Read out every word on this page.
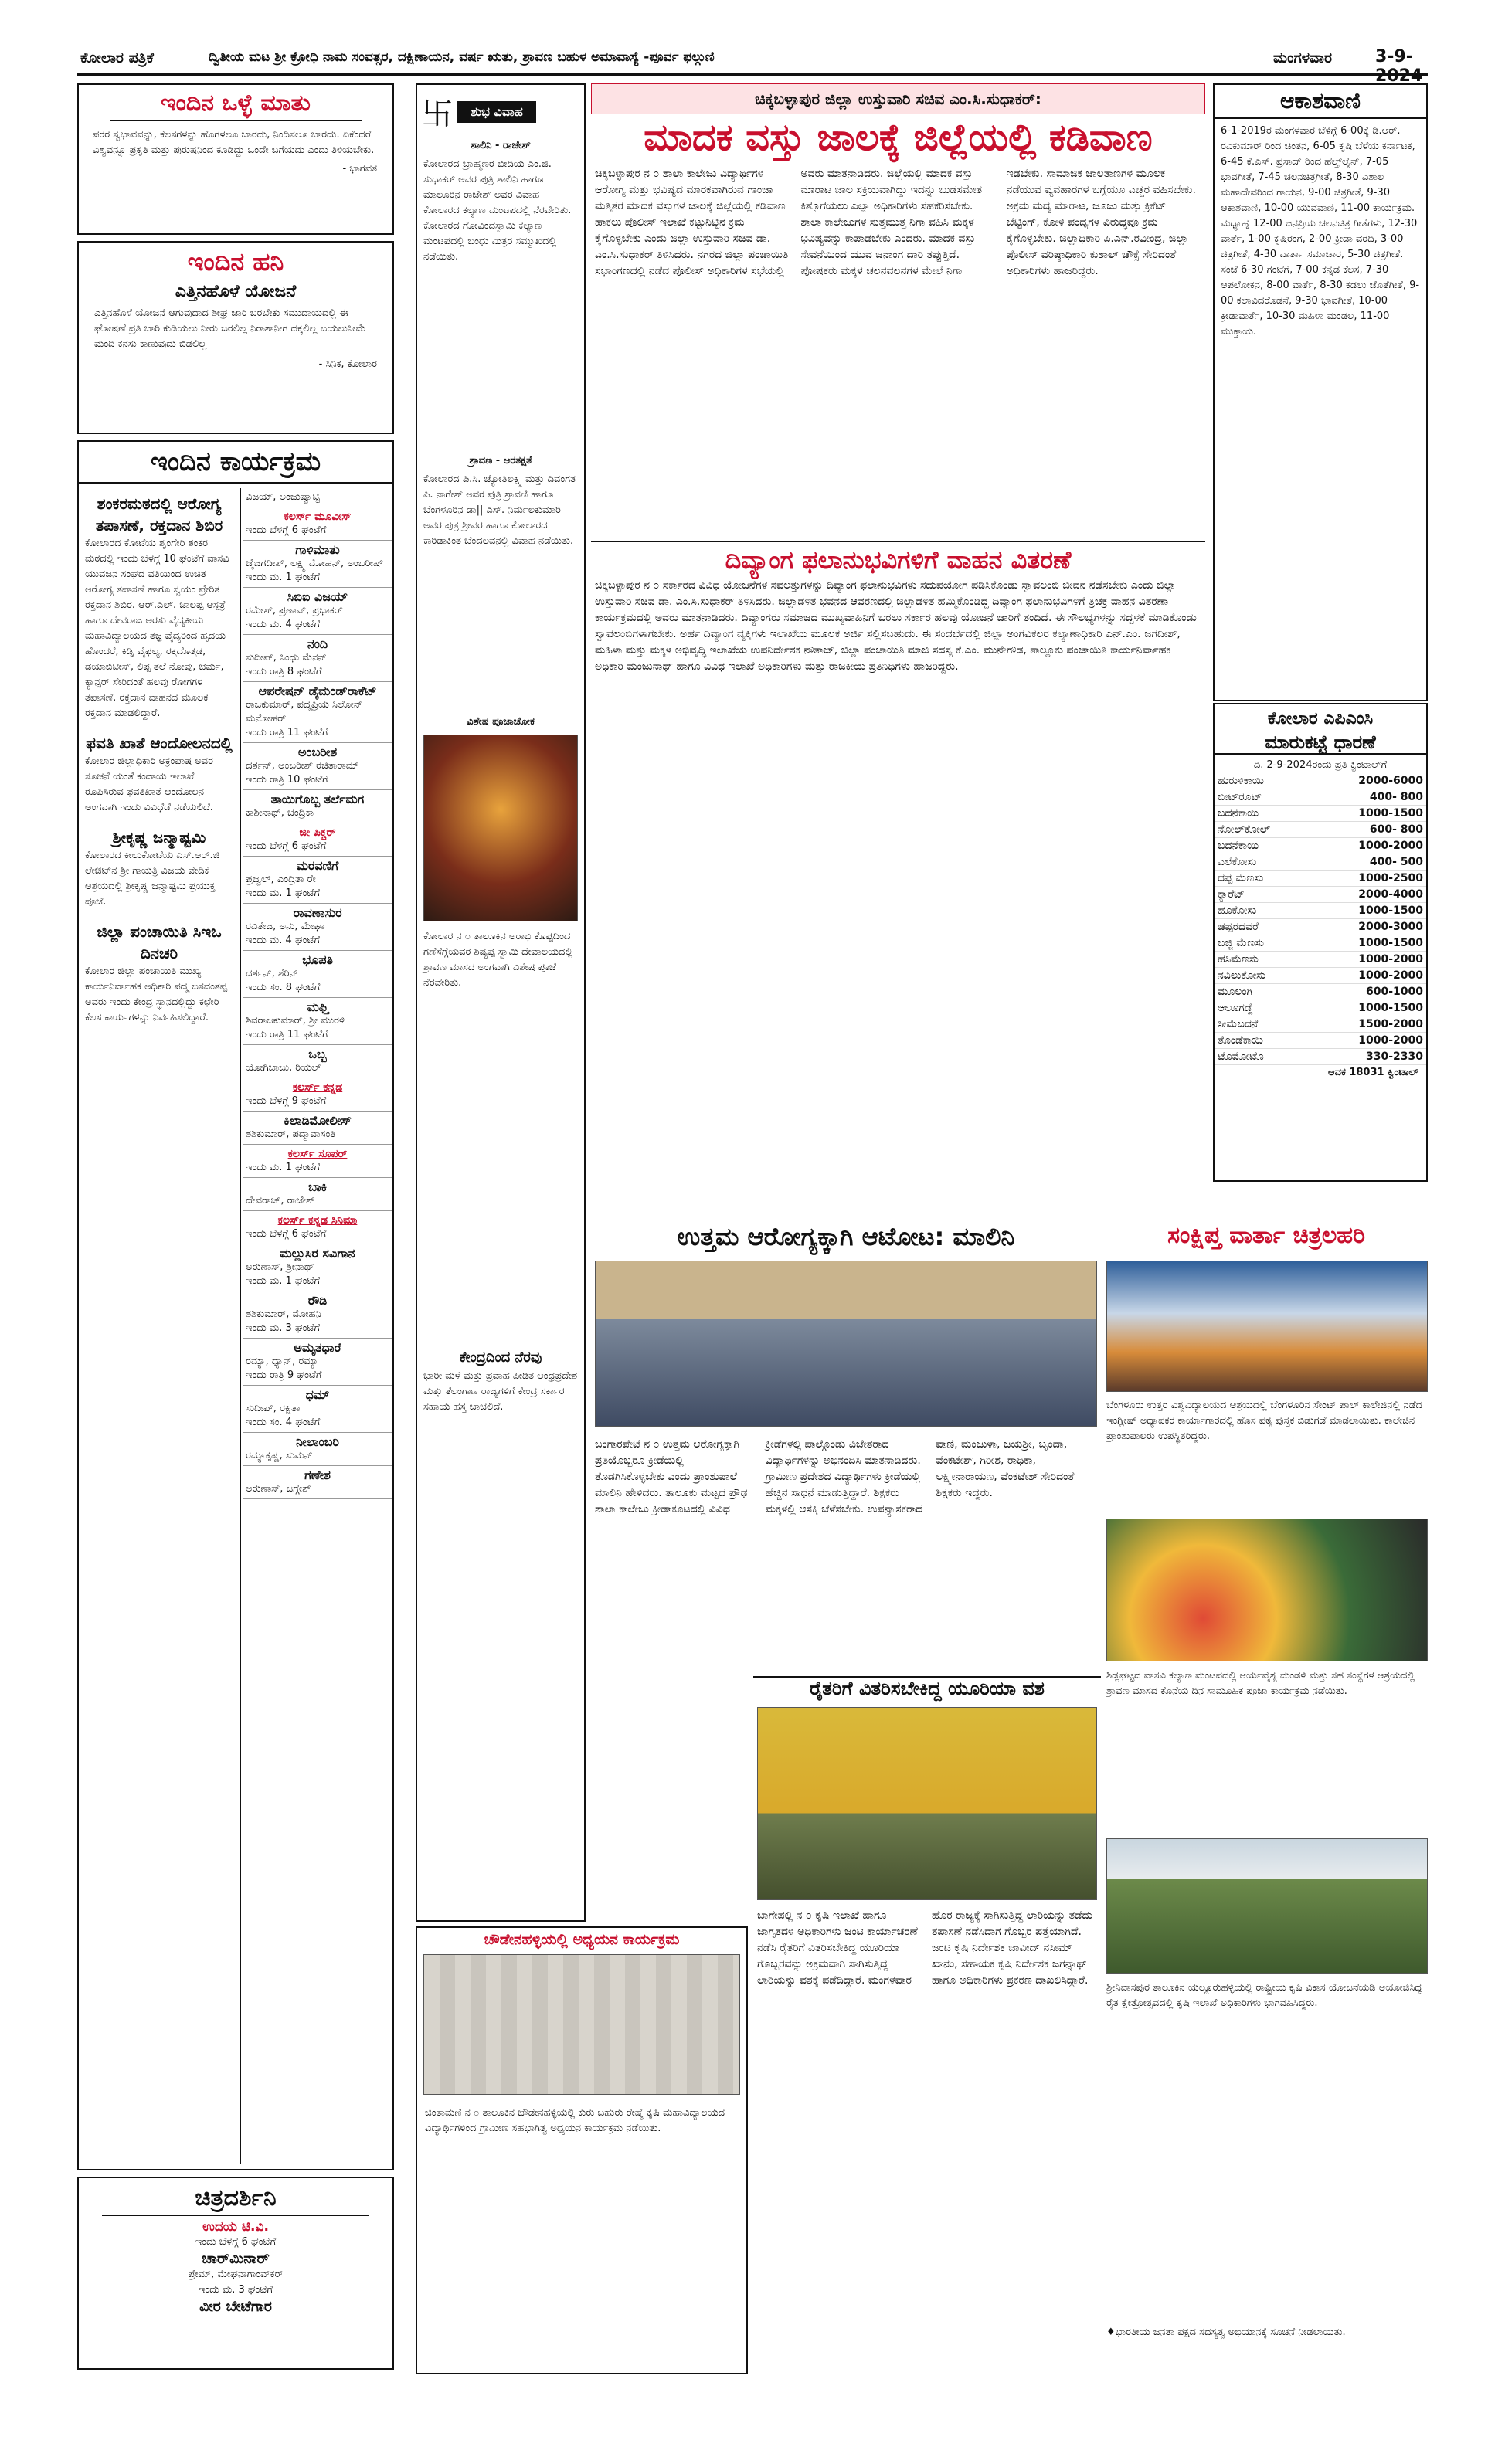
ಕೋಲಾರ ಪತ್ರಿಕೆ	ದ್ವಿತೀಯ ಮಟ ಶ್ರೀ ಕ್ರೋಧಿ ನಾಮ ಸಂವತ್ಸರ, ದಕ್ಷಿಣಾಯನ, ವರ್ಷ ಋತು, ಶ್ರಾವಣ ಬಹುಳ ಅಮಾವಾಸ್ಯೆ -ಪೂರ್ವ ಫಲ್ಗುಣಿ	ಮಂಗಳವಾರ	3-9-2024
ಇಂದಿನ ಒಳ್ಳೆ ಮಾತು
ಪರರ ಸ್ವಭಾವವನ್ನು, ಕೆಲಸಗಳನ್ನು ಹೊಗಳಲೂ ಬಾರದು, ನಿಂದಿಸಲೂ ಬಾರದು. ಏಕೆಂದರೆ ವಿಶ್ವವನ್ನೂ ಪ್ರಕೃತಿ ಮತ್ತು ಪುರುಷನಿಂದ ಕೂಡಿದ್ದು ಒಂದೇ ಬಗೆಯದು ಎಂದು ತಿಳಿಯಬೇಕು.
- ಭಾಗವತ
ಇಂದಿನ ಹನಿ
ಎತ್ತಿನಹೊಳೆ ಯೋಜನೆ
ಎತ್ತಿನಹೊಳೆ ಯೋಜನೆ ಆಗುವುದಾದ ಶೀಘ್ರ ಜಾರಿ ಬರಬೇಕು ಸಮುದಾಯದಲ್ಲಿ ಈ ಘೋಷಣೆ ಪ್ರತಿ ಬಾರಿ ಕುಡಿಯಲು ನೀರು ಬರಲಿಲ್ಲ ನಿರಾಶಾನೀಗ ದಕ್ಕಲಿಲ್ಲ ಬಯಲುಸೀಮೆ ಮಂದಿ ಕನಸು ಕಾಣುವುದು ಬಿಡಲಿಲ್ಲ
- ಸಿನಿಕ, ಕೋಲಾರ
ಇಂದಿನ ಕಾರ್ಯಕ್ರಮ
ಶಂಕರಮಠದಲ್ಲಿ ಆರೋಗ್ಯ ತಪಾಸಣೆ, ರಕ್ತದಾನ ಶಿಬಿರ
ಕೋಲಾರದ ಕೋಟೆಯ ಶೃಂಗೇರಿ ಶಂಕರ ಮಠದಲ್ಲಿ ಇಂದು ಬೆಳಗ್ಗೆ 10 ಘಂಟೆಗೆ ವಾಸವಿ ಯುವಜನ ಸಂಘದ ವತಿಯಿಂದ ಉಚಿತ ಆರೋಗ್ಯ ತಪಾಸಣೆ ಹಾಗೂ ಸ್ವಯಂ ಪ್ರೇರಿತ ರಕ್ತದಾನ ಶಿಬಿರ. ಆರ್.ಎಲ್. ಜಾಲಪ್ಪ ಆಸ್ಪತ್ರೆ ಹಾಗೂ ದೇವರಾಜ ಅರಸು ವೈದ್ಯಕೀಯ ಮಹಾವಿದ್ಯಾಲಯದ ತಜ್ಞ ವೈದ್ಯರಿಂದ ಹೃದಯ ಹೊಂದರೆ, ಕಿಡ್ನಿ ವೈಫಲ್ಯ, ರಕ್ತದೊತ್ತಡ, ಡಯಾಬಿಟೀಸ್, ಲಿಪ್ಪ ತಲೆ ನೋವು, ಚರ್ಮ, ಕ್ಯಾನ್ಸರ್ ಸೇರಿದಂತೆ ಹಲವು ರೋಗಗಳ ತಪಾಸಣೆ. ರಕ್ತದಾನ ವಾಹನದ ಮೂಲಕ ರಕ್ತದಾನ ಮಾಡಲಿದ್ದಾರೆ.
ಫವತಿ ಖಾತೆ ಆಂದೋಲನದಲ್ಲಿ
ಕೋಲಾರ ಜಿಲ್ಲಾಧಿಕಾರಿ ಅಕ್ರಂಪಾಷ ಅವರ ಸೂಚನೆ ಯಂತೆ ಕಂದಾಯ ಇಲಾಖೆ ರೂಪಿಸಿರುವ ಫವತಿಖಾತೆ ಆಂದೋಲನ ಅಂಗವಾಗಿ ಇಂದು ವಿವಿಧೆಡೆ ನಡೆಯಲಿದೆ.
ಶ್ರೀಕೃಷ್ಣ ಜನ್ಮಾಷ್ಟಮಿ
ಕೋಲಾರದ ಕೀಲುಕೋಟೆಯ ಎಸ್.ಆರ್.ಜಿ ಲೇಔಟ್‌ನ ಶ್ರೀ ಗಾಯತ್ರಿ ವಿಜಯ ವೇದಿಕೆ ಆಶ್ರಯದಲ್ಲಿ ಶ್ರೀಕೃಷ್ಣ ಜನ್ಮಾಷ್ಟಮಿ ಪ್ರಯುಕ್ತ ಪೂಜೆ.
ಜಿಲ್ಲಾ ಪಂಚಾಯಿತಿ ಸಿಇಒ ದಿನಚರಿ
ಕೋಲಾರ ಜಿಲ್ಲಾ ಪಂಚಾಯಿತಿ ಮುಖ್ಯ ಕಾರ್ಯನಿರ್ವಾಹಕ ಅಧಿಕಾರಿ ಪದ್ಮ ಬಸವಂತಪ್ಪ ಅವರು ಇಂದು ಕೇಂದ್ರ ಸ್ಥಾನದಲ್ಲಿದ್ದು ಕಛೇರಿ ಕೆಲಸ ಕಾರ್ಯಗಳನ್ನು ನಿರ್ವಹಿಸಲಿದ್ದಾರೆ.
ವಿಜಯ್, ಅಂಜುಷ್ವಾಟ್ಟಿ
ಕಲರ್ಸ್ ಮೂವೀಸ್
ಇಂದು ಬೆಳಗ್ಗೆ 6 ಘಂಟೆಗೆ
ಗಾಳಿಮಾತು
ಜೈಜಗದೀಶ್, ಲಕ್ಷ್ಮಿ ಮೋಹನ್, ಅಂಬರೀಷ್
ಇಂದು ಮ. 1 ಘಂಟೆಗೆ
ಸಿಬಿಐ ವಿಜಯ್
ರಮೇಶ್, ಪ್ರಣಾವ್, ಪ್ರಭಾಕರ್
ಇಂದು ಮ. 4 ಘಂಟೆಗೆ
ನಂದಿ
ಸುದೀಪ್, ಸಿಂಧು ಮೆನನ್
ಇಂದು ರಾತ್ರಿ 8 ಘಂಟೆಗೆ
ಆಪರೇಷನ್ ಡೈಮಂಡ್‌ರಾಕೆಟ್
ರಾಜಕುಮಾರ್, ಪದ್ಮಪ್ರಿಯ ಸಿಲೋನ್ ಮನೋಹರ್
ಇಂದು ರಾತ್ರಿ 11 ಘಂಟೆಗೆ
ಅಂಬರೀಶ
ದರ್ಶನ್, ಅಂಬರೀಶ್ ರಚಿತಾರಾಮ್
ಇಂದು ರಾತ್ರಿ 10 ಘಂಟೆಗೆ
ತಾಯಿಗೊಬ್ಬ ತರ್ಲೆಮಗ
ಕಾಶೀನಾಥ್, ಚಂದ್ರಿಕಾ
ಜೀ ಪಿಕ್ಚರ್
ಇಂದು ಬೆಳಗ್ಗೆ 6 ಘಂಟೆಗೆ
ಮರವಣಿಗೆ
ಪ್ರಜ್ವಲ್, ಎಂದ್ರಿತಾ ರೇ
ಇಂದು ಮ. 1 ಘಂಟೆಗೆ
ರಾವಣಾಸುರ
ರವಿತೇಜ, ಅನು, ಮೇಘಾ
ಇಂದು ಮ. 4 ಘಂಟೆಗೆ
ಭೂಪತಿ
ದರ್ಶನ್, ಶೆರಿನ್
ಇಂದು ಸಂ. 8 ಘಂಟೆಗೆ
ಮಫ್ತಿ
ಶಿವರಾಜಕುಮಾರ್, ಶ್ರೀ ಮುರಳಿ
ಇಂದು ರಾತ್ರಿ 11 ಘಂಟೆಗೆ
ಒಬ್ಬ
ಯೋಗಿಬಾಬು, ರಿಯಲ್
ಕಲರ್ಸ್ ಕನ್ನಡ
ಇಂದು ಬೆಳಗ್ಗೆ 9 ಘಂಟೆಗೆ
ಕಿಲಾಡಿಮೋಲೀಸ್
ಶಶಿಕುಮಾರ್, ಪದ್ಮಾವಾಸಂತಿ
ಕಲರ್ಸ್ ಸೂಪರ್
ಇಂದು ಮ. 1 ಘಂಟೆಗೆ
ಬಾಕಿ
ದೇವರಾಜ್, ರಾಜೇಶ್
ಕಲರ್ಸ್ ಕನ್ನಡ ಸಿನಿಮಾ
ಇಂದು ಬೆಳಗ್ಗೆ 6 ಘಂಟೆಗೆ
ಮಲ್ಲುಸಿರ ಸವಿಗಾನ
ಅರುಣಾಸ್, ಶ್ರೀನಾಥ್
ಇಂದು ಮ. 1 ಘಂಟೆಗೆ
ರೌಡಿ
ಶಶಿಕುಮಾರ್, ಮೋಹನಿ
ಇಂದು ಮ. 3 ಘಂಟೆಗೆ
ಅಮೃತಧಾರೆ
ರಮ್ಯಾ, ಧ್ಯಾನ್, ರಮ್ಯಾ
ಇಂದು ರಾತ್ರಿ 9 ಘಂಟೆಗೆ
ಧಮ್
ಸುದೀಪ್, ರಕ್ಷಿತಾ
ಇಂದು ಸಂ. 4 ಘಂಟೆಗೆ
ನೀಲಾಂಬರಿ
ರಮ್ಯಾಕೃಷ್ಣ, ಸುಮನ್
ಗಣೇಶ
ಅರುಣಾಸ್, ಜಗ್ಗೇಶ್
ಚಿತ್ರದರ್ಶಿನಿ
ಉದಯ ಟಿ.ವಿ.
ಇಂದು ಬೆಳಗ್ಗೆ 6 ಘಂಟೆಗೆ
ಚಾರ್‌ಮಿನಾರ್
ಪ್ರೇಮ್, ಮೇಘನಾಗಾಂವ್‌ಕರ್
ಇಂದು ಮ. 3 ಘಂಟೆಗೆ
ವೀರ ಬೇಟೆಗಾರ
卐	ಶುಭ ವಿವಾಹ
ಶಾಲಿನಿ - ರಾಜೇಶ್
ಕೋಲಾರದ ಬ್ರಾಹ್ಮಣರ ಬೀದಿಯ ಎಂ.ಜಿ. ಸುಧಾಕರ್ ಅವರ ಪುತ್ರಿ ಶಾಲಿನಿ ಹಾಗೂ ಮಾಲೂರಿನ ರಾಜೇಶ್ ಅವರ ವಿವಾಹ ಕೋಲಾರದ ಕಲ್ಯಾಣ ಮಂಟಪದಲ್ಲಿ ನೆರವೇರಿತು. ಕೋಲಾರದ ಗೋವಿಂದಸ್ವಾಮಿ ಕಲ್ಯಾಣ ಮಂಟಪದಲ್ಲಿ ಬಂಧು ಮಿತ್ರರ ಸಮ್ಮುಖದಲ್ಲಿ ನಡೆಯಿತು.
ಶ್ರಾವಣ - ಆರತಕ್ಷತೆ
ಕೋಲಾರದ ಪಿ.ಸಿ. ಜ್ಯೋತಿಲಕ್ಷ್ಮಿ ಮತ್ತು ದಿವಂಗತ ಪಿ. ನಾಗೇಶ್ ಅವರ ಪುತ್ರಿ ಶ್ರಾವಣಿ ಹಾಗೂ ಬೆಂಗಳೂರಿನ ಡಾ|| ಎಸ್. ನಿರ್ಮಲಕುಮಾರಿ ಅವರ ಪುತ್ರ ಶ್ರೀವರ ಹಾಗೂ ಕೋಲಾರದ ಕಾರಿಡಾಕಿಂತ ಬೆಂದಲವನಲ್ಲಿ ವಿವಾಹ ನಡೆಯಿತು.
ವಿಶೇಷ ಪೂಜಾಚೋಕ
ಕೋಲಾರ ನ ೦ ತಾಲೂಕಿನ ಅರಾಭಿ ಕೊಪ್ಪದಿಂದ ಗಣೆಸೆಗ್ಗೆಯವರ ಶಿಷ್ಯಪ್ಪ ಸ್ವಾಮಿ ದೇವಾಲಯದಲ್ಲಿ ಶ್ರಾವಣ ಮಾಸದ ಅಂಗವಾಗಿ ವಿಶೇಷ ಪೂಜೆ ನೆರವೇರಿತು.
ಕೇಂದ್ರದಿಂದ ನೆರವು
ಭಾರೀ ಮಳೆ ಮತ್ತು ಪ್ರವಾಹ ಪೀಡಿತ ಆಂಧ್ರಪ್ರದೇಶ ಮತ್ತು ತೆಲಂಗಾಣ ರಾಜ್ಯಗಳಿಗೆ ಕೇಂದ್ರ ಸರ್ಕಾರ ಸಹಾಯ ಹಸ್ತ ಚಾಚಲಿದೆ.
ಚಿಕ್ಕಬಳ್ಳಾಪುರ ಜಿಲ್ಲಾ ಉಸ್ತುವಾರಿ ಸಚಿವ ಎಂ.ಸಿ.ಸುಧಾಕರ್:
ಮಾದಕ ವಸ್ತು ಜಾಲಕ್ಕೆ ಜಿಲ್ಲೆಯಲ್ಲಿ ಕಡಿವಾಣ
ಚಿಕ್ಕಬಳ್ಳಾಪುರ ನ ೦ ಶಾಲಾ ಕಾಲೇಜು ವಿದ್ಯಾರ್ಥಿಗಳ ಆರೋಗ್ಯ ಮತ್ತು ಭವಿಷ್ಯದ ಮಾರಕವಾಗಿರುವ ಗಾಂಜಾ ಮತ್ತಿತರ ಮಾದಕ ವಸ್ತುಗಳ ಜಾಲಕ್ಕೆ ಜಿಲ್ಲೆಯಲ್ಲಿ ಕಡಿವಾಣ ಹಾಕಲು ಪೊಲೀಸ್ ಇಲಾಖೆ ಕಟ್ಟುನಿಟ್ಟಿನ ಕ್ರಮ ಕೈಗೊಳ್ಳಬೇಕು ಎಂದು ಜಿಲ್ಲಾ ಉಸ್ತುವಾರಿ ಸಚಿವ ಡಾ. ಎಂ.ಸಿ.ಸುಧಾಕರ್ ತಿಳಿಸಿದರು. ನಗರದ ಜಿಲ್ಲಾ ಪಂಚಾಯಿತಿ ಸಭಾಂಗಣದಲ್ಲಿ ನಡೆದ ಪೊಲೀಸ್ ಅಧಿಕಾರಿಗಳ ಸಭೆಯಲ್ಲಿ ಅವರು ಮಾತನಾಡಿದರು. ಜಿಲ್ಲೆಯಲ್ಲಿ ಮಾದಕ ವಸ್ತು ಮಾರಾಟ ಜಾಲ ಸಕ್ರಿಯವಾಗಿದ್ದು ಇದನ್ನು ಬುಡಸಮೇತ ಕಿತ್ತೊಗೆಯಲು ಎಲ್ಲಾ ಅಧಿಕಾರಿಗಳು ಸಹಕರಿಸಬೇಕು. ಶಾಲಾ ಕಾಲೇಜುಗಳ ಸುತ್ತಮುತ್ತ ನಿಗಾ ವಹಿಸಿ ಮಕ್ಕಳ ಭವಿಷ್ಯವನ್ನು ಕಾಪಾಡಬೇಕು ಎಂದರು. ಮಾದಕ ವಸ್ತು ಸೇವನೆಯಿಂದ ಯುವ ಜನಾಂಗ ದಾರಿ ತಪ್ಪುತ್ತಿದೆ. ಪೋಷಕರು ಮಕ್ಕಳ ಚಲನವಲನಗಳ ಮೇಲೆ ನಿಗಾ ಇಡಬೇಕು. ಸಾಮಾಜಿಕ ಜಾಲತಾಣಗಳ ಮೂಲಕ ನಡೆಯುವ ವ್ಯವಹಾರಗಳ ಬಗ್ಗೆಯೂ ಎಚ್ಚರ ವಹಿಸಬೇಕು. ಅಕ್ರಮ ಮದ್ಯ ಮಾರಾಟ, ಜೂಜು ಮತ್ತು ಕ್ರಿಕೆಟ್ ಬೆಟ್ಟಿಂಗ್, ಕೋಳಿ ಪಂದ್ಯಗಳ ವಿರುದ್ಧವೂ ಕ್ರಮ ಕೈಗೊಳ್ಳಬೇಕು. ಜಿಲ್ಲಾಧಿಕಾರಿ ಪಿ.ಎನ್.ರವೀಂದ್ರ, ಜಿಲ್ಲಾ ಪೊಲೀಸ್ ವರಿಷ್ಠಾಧಿಕಾರಿ ಕುಶಾಲ್ ಚೌಕ್ಸೆ ಸೇರಿದಂತೆ ಅಧಿಕಾರಿಗಳು ಹಾಜರಿದ್ದರು.
ದಿವ್ಯಾಂಗ ಫಲಾನುಭವಿಗಳಿಗೆ ವಾಹನ ವಿತರಣೆ
ಚಿಕ್ಕಬಳ್ಳಾಪುರ ನ ೦ ಸರ್ಕಾರದ ವಿವಿಧ ಯೋಜನೆಗಳ ಸವಲತ್ತುಗಳನ್ನು ದಿವ್ಯಾಂಗ ಫಲಾನುಭವಿಗಳು ಸದುಪಯೋಗ ಪಡಿಸಿಕೊಂಡು ಸ್ವಾವಲಂಬಿ ಜೀವನ ನಡೆಸಬೇಕು ಎಂದು ಜಿಲ್ಲಾ ಉಸ್ತುವಾರಿ ಸಚಿವ ಡಾ. ಎಂ.ಸಿ.ಸುಧಾಕರ್ ತಿಳಿಸಿದರು. ಜಿಲ್ಲಾಡಳಿತ ಭವನದ ಆವರಣದಲ್ಲಿ ಜಿಲ್ಲಾಡಳಿತ ಹಮ್ಮಿಕೊಂಡಿದ್ದ ದಿವ್ಯಾಂಗ ಫಲಾನುಭವಿಗಳಿಗೆ ತ್ರಿಚಕ್ರ ವಾಹನ ವಿತರಣಾ ಕಾರ್ಯಕ್ರಮದಲ್ಲಿ ಅವರು ಮಾತನಾಡಿದರು. ದಿವ್ಯಾಂಗರು ಸಮಾಜದ ಮುಖ್ಯವಾಹಿನಿಗೆ ಬರಲು ಸರ್ಕಾರ ಹಲವು ಯೋಜನೆ ಜಾರಿಗೆ ತಂದಿದೆ. ಈ ಸೌಲಭ್ಯಗಳನ್ನು ಸದ್ಬಳಕೆ ಮಾಡಿಕೊಂಡು ಸ್ವಾವಲಂಬಿಗಳಾಗಬೇಕು. ಅರ್ಹ ದಿವ್ಯಾಂಗ ವ್ಯಕ್ತಿಗಳು ಇಲಾಖೆಯ ಮೂಲಕ ಅರ್ಜಿ ಸಲ್ಲಿಸಬಹುದು. ಈ ಸಂದರ್ಭದಲ್ಲಿ ಜಿಲ್ಲಾ ಅಂಗವಿಕಲರ ಕಲ್ಯಾಣಾಧಿಕಾರಿ ಎನ್.ಎಂ. ಜಗದೀಶ್, ಮಹಿಳಾ ಮತ್ತು ಮಕ್ಕಳ ಅಭಿವೃದ್ಧಿ ಇಲಾಖೆಯ ಉಪನಿರ್ದೇಶಕ ನೌತಾಜ್, ಜಿಲ್ಲಾ ಪಂಚಾಯಿತಿ ಮಾಜಿ ಸದಸ್ಯ ಕೆ.ಎಂ. ಮುನೇಗೌಡ, ತಾಲ್ಲೂಕು ಪಂಚಾಯಿತಿ ಕಾರ್ಯನಿರ್ವಾಹಕ ಅಧಿಕಾರಿ ಮಂಜುನಾಥ್ ಹಾಗೂ ವಿವಿಧ ಇಲಾಖೆ ಅಧಿಕಾರಿಗಳು ಮತ್ತು ರಾಜಕೀಯ ಪ್ರತಿನಿಧಿಗಳು ಹಾಜರಿದ್ದರು.
ಆಕಾಶವಾಣಿ
6-1-2019ರ ಮಂಗಳವಾರ ಬೆಳಿಗ್ಗೆ 6-00ಕ್ಕೆ ಡಿ.ಆರ್. ರವಿಕುಮಾರ್ ರಿಂದ ಚಿಂತನ, 6-05 ಕೃಷಿ ಬೆಳೆಯ ಕರ್ನಾಟಕ, 6-45 ಕೆ.ಎಸ್. ಪ್ರಸಾದ್ ರಿಂದ ಹೆಲ್ತ್‌ಲೈನ್‌, 7-05 ಭಾವಗೀತೆ, 7-45 ಚಲನಚಿತ್ರಗೀತೆ, 8-30 ವಿಶಾಲ ಮಹಾದೇವರಿಂದ ಗಾಯನ, 9-00 ಚಿತ್ರಗೀತೆ, 9-30 ಆಕಾಶವಾಣಿ, 10-00 ಯುವವಾಣಿ, 11-00 ಕಾರ್ಯಕ್ರಮ. ಮಧ್ಯಾಹ್ನ 12-00 ಜನಪ್ರಿಯ ಚಲನಚಿತ್ರ ಗೀತೆಗಳು, 12-30 ವಾರ್ತೆ, 1-00 ಕೃಷಿರಂಗ, 2-00 ಕ್ರೀಡಾ ವರದಿ, 3-00 ಚಿತ್ರಗೀತೆ, 4-30 ವಾರ್ತಾ ಸಮಾಚಾರ, 5-30 ಚಿತ್ರಗೀತೆ. ಸಂಜೆ 6-30 ಗಂಟೆಗೆ, 7-00 ಕನ್ನಡ ಕೆಲಸ, 7-30 ಆಪಲೋಕನ, 8-00 ವಾರ್ತೆ, 8-30 ಕಡಲು ಜೊತೆಗೀತೆ, 9-00 ಕಲಾವಿದರೊಡನೆ, 9-30 ಭಾವಗೀತೆ, 10-00 ಕ್ರೀಡಾವಾರ್ತೆ, 10-30 ಮಹಿಳಾ ಮಂಡಲ, 11-00 ಮುಕ್ತಾಯ.
ಕೋಲಾರ ಎಪಿಎಂಸಿ
ಮಾರುಕಟ್ಟೆ ಧಾರಣೆ
ದಿ. 2-9-2024ರಂದು ಪ್ರತಿ ಕ್ವಿಂಟಾಲ್‌ಗೆ
ಹುರುಳಿಕಾಯಿ	2000-6000
ಬೀಟ್‌ರೂಟ್	400- 800
ಬದನೆಕಾಯಿ	1000-1500
ನೋಲ್‌ಕೋಲ್	600- 800
ಬದನೆಕಾಯಿ	1000-2000
ಎಲೆಕೋಸು	400- 500
ದಪ್ಪ ಮೆಣಸು	1000-2500
ಕ್ಯಾರೆಟ್	2000-4000
ಹೂಕೋಸು	1000-1500
ಚಪ್ಪರದವರೆ	2000-3000
ಬಜ್ಜಿ ಮೆಣಸು	1000-1500
ಹಸಿಮೆಣಸು	1000-2000
ನವಿಲುಕೋಸು	1000-2000
ಮೂಲಂಗಿ	600-1000
ಆಲೂಗಡ್ಡೆ	1000-1500
ಸೀಮೆಬದನೆ	1500-2000
ತೊಂಡೆಕಾಯಿ	1000-2000
ಟೊಮೋಟೊ	330-2330
ಆವಕ 18031 ಕ್ವಿಂಟಾಲ್
ಉತ್ತಮ ಆರೋಗ್ಯಕ್ಕಾಗಿ ಆಟೋಟ: ಮಾಲಿನಿ
ಬಂಗಾರಪೇಟೆ ನ ೦ ಉತ್ತಮ ಆರೋಗ್ಯಕ್ಕಾಗಿ ಪ್ರತಿಯೊಬ್ಬರೂ ಕ್ರೀಡೆಯಲ್ಲಿ ತೊಡಗಿಸಿಕೊಳ್ಳಬೇಕು ಎಂದು ಪ್ರಾಂಶುಪಾಲೆ ಮಾಲಿನಿ ಹೇಳಿದರು. ತಾಲೂಕು ಮಟ್ಟದ ಪ್ರೌಢ ಶಾಲಾ ಕಾಲೇಜು ಕ್ರೀಡಾಕೂಟದಲ್ಲಿ ವಿವಿಧ ಕ್ರೀಡೆಗಳಲ್ಲಿ ಪಾಲ್ಗೊಂಡು ವಿಜೇತರಾದ ವಿದ್ಯಾರ್ಥಿಗಳನ್ನು ಅಭಿನಂದಿಸಿ ಮಾತನಾಡಿದರು. ಗ್ರಾಮೀಣ ಪ್ರದೇಶದ ವಿದ್ಯಾರ್ಥಿಗಳು ಕ್ರೀಡೆಯಲ್ಲಿ ಹೆಚ್ಚಿನ ಸಾಧನೆ ಮಾಡುತ್ತಿದ್ದಾರೆ. ಶಿಕ್ಷಕರು ಮಕ್ಕಳಲ್ಲಿ ಆಸಕ್ತಿ ಬೆಳೆಸಬೇಕು. ಉಪನ್ಯಾಸಕರಾದ ವಾಣಿ, ಮಂಜುಳಾ, ಜಯಶ್ರೀ, ಬೃಂದಾ, ವೆಂಕಟೇಶ್, ಗಿರೀಶ, ರಾಧಿಕಾ, ಲಕ್ಷ್ಮೀನಾರಾಯಣ, ವೆಂಕಟೇಶ್ ಸೇರಿದಂತೆ ಶಿಕ್ಷಕರು ಇದ್ದರು.
ರೈತರಿಗೆ ವಿತರಿಸಬೇಕಿದ್ದ ಯೂರಿಯಾ ವಶ
ಬಾಗೇಪಲ್ಲಿ ನ ೦ ಕೃಷಿ ಇಲಾಖೆ ಹಾಗೂ ಜಾಗೃತದಳ ಅಧಿಕಾರಿಗಳು ಜಂಟಿ ಕಾರ್ಯಾಚರಣೆ ನಡೆಸಿ ರೈತರಿಗೆ ವಿತರಿಸಬೇಕಿದ್ದ ಯೂರಿಯಾ ಗೊಬ್ಬರವನ್ನು ಅಕ್ರಮವಾಗಿ ಸಾಗಿಸುತ್ತಿದ್ದ ಲಾರಿಯನ್ನು ವಶಕ್ಕೆ ಪಡೆದಿದ್ದಾರೆ. ಮಂಗಳವಾರ ಹೊರ ರಾಜ್ಯಕ್ಕೆ ಸಾಗಿಸುತ್ತಿದ್ದ ಲಾರಿಯನ್ನು ತಡೆದು ತಪಾಸಣೆ ನಡೆಸಿದಾಗ ಗೊಬ್ಬರ ಪತ್ತೆಯಾಗಿದೆ. ಜಂಟಿ ಕೃಷಿ ನಿರ್ದೇಶಕ ಜಾವೀದ್ ನಸೀಮ್ ಖಾನಂ, ಸಹಾಯಕ ಕೃಷಿ ನಿರ್ದೇಶಕ ಜಗನ್ನಾಥ್ ಹಾಗೂ ಅಧಿಕಾರಿಗಳು ಪ್ರಕರಣ ದಾಖಲಿಸಿದ್ದಾರೆ.
ಚೌಡೇನಹಳ್ಳಿಯಲ್ಲಿ ಅಧ್ಯಯನ ಕಾರ್ಯಕ್ರಮ
ಚಿಂತಾಮಣಿ ನ ೦ ತಾಲೂಕಿನ ಚೌಡೇನಹಳ್ಳಿಯಲ್ಲಿ ಕುರು ಬಹುರು ರೇಷ್ಮೆ ಕೃಷಿ ಮಹಾವಿದ್ಯಾಲಯದ ವಿದ್ಯಾರ್ಥಿಗಳಿಂದ ಗ್ರಾಮೀಣ ಸಹಭಾಗಿತ್ವ ಅಧ್ಯಯನ ಕಾರ್ಯಕ್ರಮ ನಡೆಯಿತು.
ಸಂಕ್ಷಿಪ್ತ ವಾರ್ತಾ ಚಿತ್ರಲಹರಿ
ಬೆಂಗಳೂರು ಉತ್ತರ ವಿಶ್ವವಿದ್ಯಾಲಯದ ಆಶ್ರಯದಲ್ಲಿ ಬೆಂಗಳೂರಿನ ಸೇಂಟ್ ಪಾಲ್ ಕಾಲೇಜಿನಲ್ಲಿ ನಡೆದ ಇಂಗ್ಲೀಷ್ ಅಧ್ಯಾಪಕರ ಕಾರ್ಯಾಗಾರದಲ್ಲಿ ಹೊಸ ಪಠ್ಯ ಪುಸ್ತಕ ಬಿಡುಗಡೆ ಮಾಡಲಾಯಿತು. ಕಾಲೇಜಿನ ಪ್ರಾಂಶುಪಾಲರು ಉಪಸ್ಥಿತರಿದ್ದರು.
ಶಿಡ್ಲಘಟ್ಟದ ವಾಸವಿ ಕಲ್ಯಾಣ ಮಂಟಪದಲ್ಲಿ ಆರ್ಯವೈಶ್ಯ ಮಂಡಳಿ ಮತ್ತು ಸಹ ಸಂಸ್ಥೆಗಳ ಆಶ್ರಯದಲ್ಲಿ ಶ್ರಾವಣ ಮಾಸದ ಕೊನೆಯ ದಿನ ಸಾಮೂಹಿಕ ಪೂಜಾ ಕಾರ್ಯಕ್ರಮ ನಡೆಯಿತು.
ಶ್ರೀನಿವಾಸಪುರ ತಾಲೂಕಿನ ಯಲ್ದೂರುಹಳ್ಳಿಯಲ್ಲಿ ರಾಷ್ಟ್ರೀಯ ಕೃಷಿ ವಿಕಾಸ ಯೋಜನೆಯಡಿ ಆಯೋಜಿಸಿದ್ದ ರೈತ ಕ್ಷೇತ್ರೋತ್ಸವದಲ್ಲಿ ಕೃಷಿ ಇಲಾಖೆ ಅಧಿಕಾರಿಗಳು ಭಾಗವಹಿಸಿದ್ದರು.
♦ಭಾರತೀಯ ಜನತಾ ಪಕ್ಷದ ಸದಸ್ಯತ್ವ ಅಭಿಯಾನಕ್ಕೆ ಸೂಚನೆ ನೀಡಲಾಯಿತು.
